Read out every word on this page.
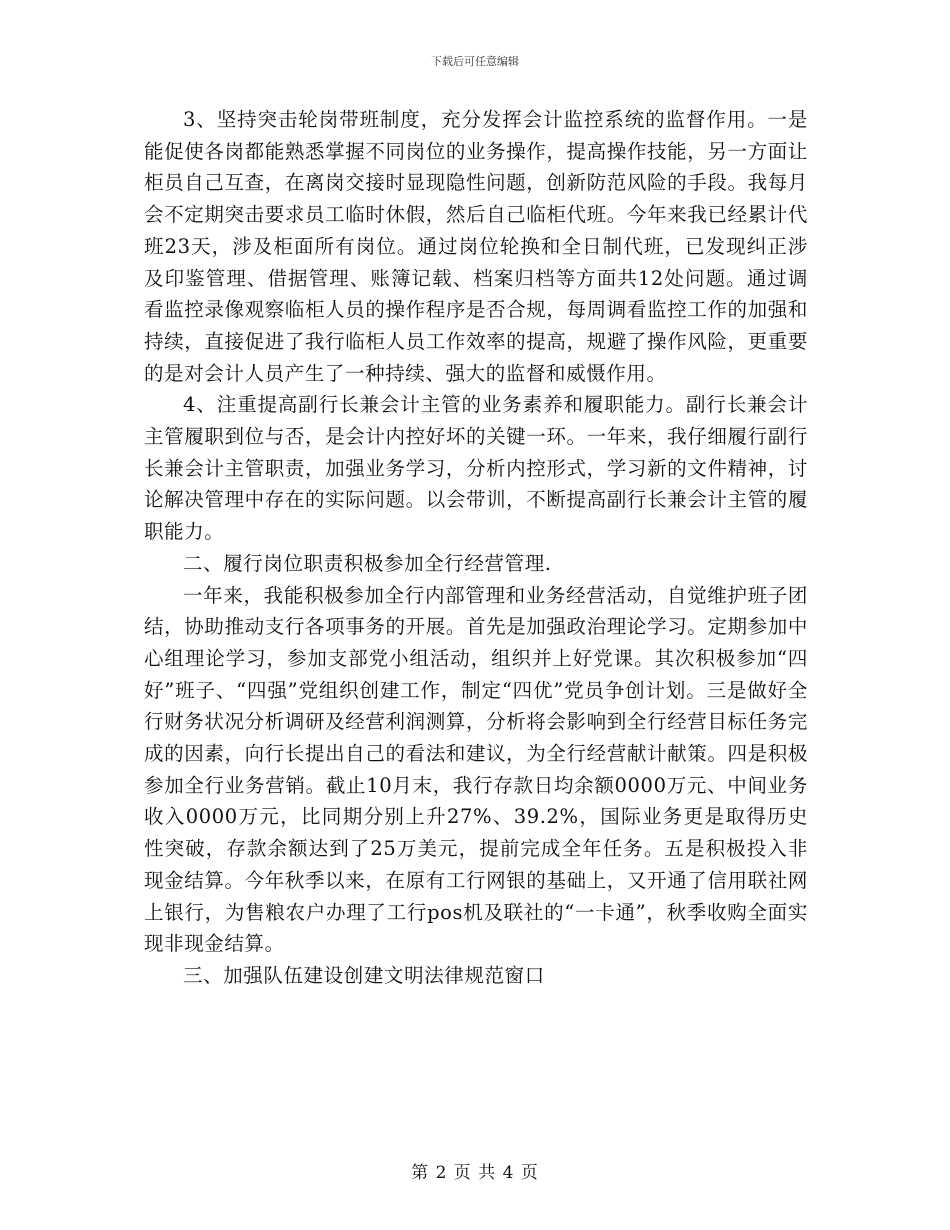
下载后可任意编辑

3、坚持突击轮岗带班制度，充分发挥会计监控系统的监督作用。一是能促使各岗都能熟悉掌握不同岗位的业务操作，提高操作技能，另一方面让柜员自己互查，在离岗交接时显现隐性问题，创新防范风险的手段。我每月会不定期突击要求员工临时休假，然后自己临柜代班。今年来我已经累计代班23天，涉及柜面所有岗位。通过岗位轮换和全日制代班，已发现纠正涉及印鉴管理、借据管理、账簿记载、档案归档等方面共12处问题。通过调看监控录像观察临柜人员的操作程序是否合规，每周调看监控工作的加强和持续，直接促进了我行临柜人员工作效率的提高，规避了操作风险，更重要的是对会计人员产生了一种持续、强大的监督和威慑作用。

4、注重提高副行长兼会计主管的业务素养和履职能力。副行长兼会计主管履职到位与否，是会计内控好坏的关键一环。一年来，我仔细履行副行长兼会计主管职责，加强业务学习，分析内控形式，学习新的文件精神，讨论解决管理中存在的实际问题。以会带训，不断提高副行长兼会计主管的履职能力。

二、履行岗位职责积极参加全行经营管理.

一年来，我能积极参加全行内部管理和业务经营活动，自觉维护班子团结，协助推动支行各项事务的开展。首先是加强政治理论学习。定期参加中心组理论学习，参加支部党小组活动，组织并上好党课。其次积极参加“四好”班子、“四强”党组织创建工作，制定“四优”党员争创计划。三是做好全行财务状况分析调研及经营利润测算，分析将会影响到全行经营目标任务完成的因素，向行长提出自己的看法和建议，为全行经营献计献策。四是积极参加全行业务营销。截止10月末，我行存款日均余额0000万元、中间业务收入0000万元，比同期分别上升27%、39.2%，国际业务更是取得历史性突破，存款余额达到了25万美元，提前完成全年任务。五是积极投入非现金结算。今年秋季以来，在原有工行网银的基础上，又开通了信用联社网上银行，为售粮农户办理了工行pos机及联社的“一卡通”，秋季收购全面实现非现金结算。

三、加强队伍建设创建文明法律规范窗口

第 2 页 共 4 页
